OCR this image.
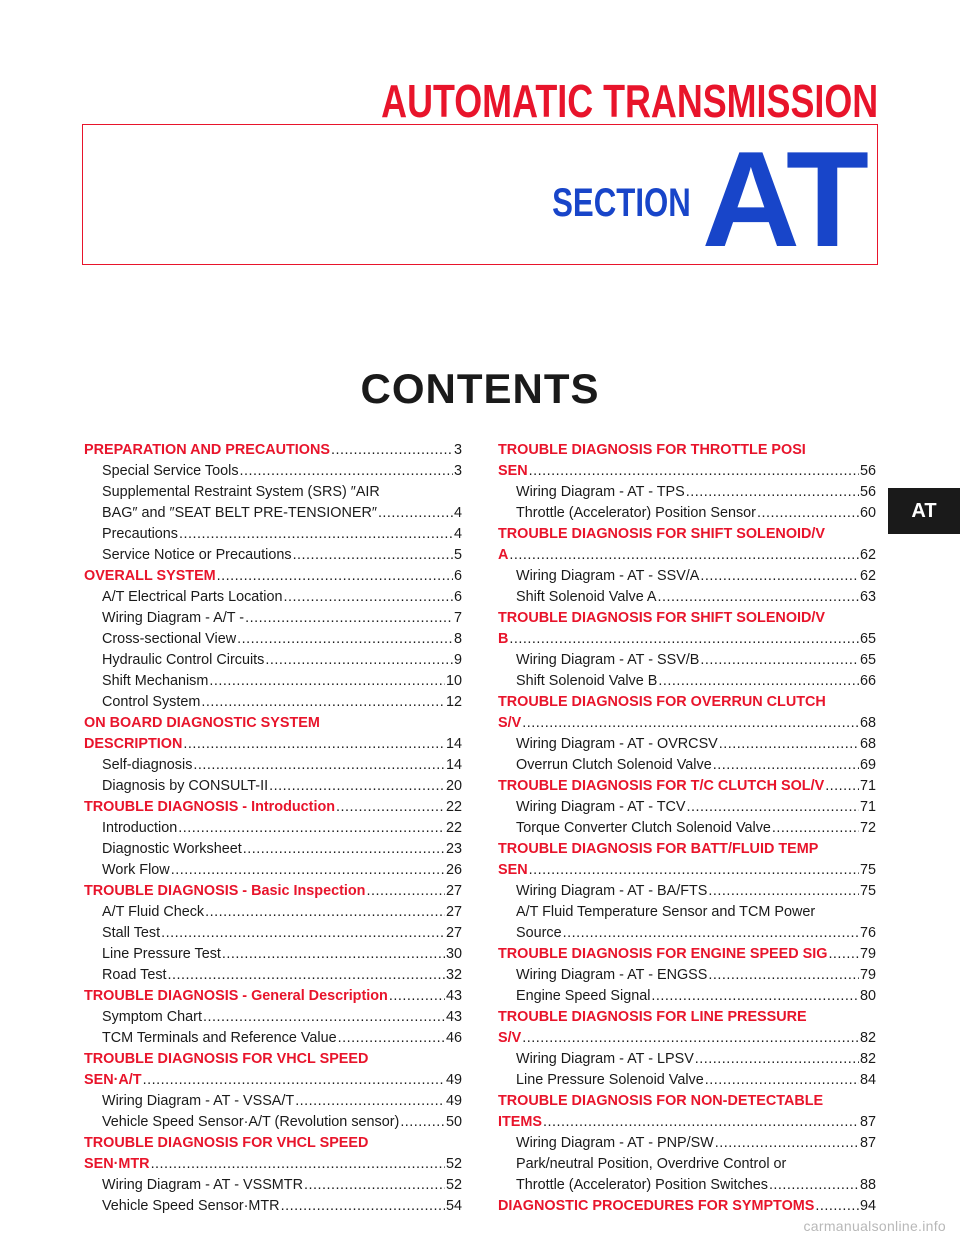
AUTOMATIC TRANSMISSION
SECTION AT
AT
CONTENTS
PREPARATION AND PRECAUTIONS .....	3
Special Service Tools .....	3
Supplemental Restraint System (SRS) ″AIR
BAG″ and ″SEAT BELT PRE-TENSIONER″ .....	4
Precautions .....	4
Service Notice or Precautions .....	5
OVERALL SYSTEM .....	6
A/T Electrical Parts Location .....	6
Wiring Diagram - A/T - .....	7
Cross-sectional View .....	8
Hydraulic Control Circuits .....	9
Shift Mechanism .....	10
Control System .....	12
ON BOARD DIAGNOSTIC SYSTEM
DESCRIPTION .....	14
Self-diagnosis .....	14
Diagnosis by CONSULT-II .....	20
TROUBLE DIAGNOSIS - Introduction .....	22
Introduction .....	22
Diagnostic Worksheet .....	23
Work Flow .....	26
TROUBLE DIAGNOSIS - Basic Inspection .....	27
A/T Fluid Check .....	27
Stall Test .....	27
Line Pressure Test .....	30
Road Test .....	32
TROUBLE DIAGNOSIS - General Description .....	43
Symptom Chart .....	43
TCM Terminals and Reference Value .....	46
TROUBLE DIAGNOSIS FOR VHCL SPEED
SEN·A/T .....	49
Wiring Diagram - AT - VSSA/T .....	49
Vehicle Speed Sensor·A/T (Revolution sensor) .....	50
TROUBLE DIAGNOSIS FOR VHCL SPEED
SEN·MTR .....	52
Wiring Diagram - AT - VSSMTR .....	52
Vehicle Speed Sensor·MTR .....	54
TROUBLE DIAGNOSIS FOR THROTTLE POSI
SEN .....	56
Wiring Diagram - AT - TPS .....	56
Throttle (Accelerator) Position Sensor .....	60
TROUBLE DIAGNOSIS FOR SHIFT SOLENOID/V
A .....	62
Wiring Diagram - AT - SSV/A .....	62
Shift Solenoid Valve A .....	63
TROUBLE DIAGNOSIS FOR SHIFT SOLENOID/V
B .....	65
Wiring Diagram - AT - SSV/B .....	65
Shift Solenoid Valve B .....	66
TROUBLE DIAGNOSIS FOR OVERRUN CLUTCH
S/V .....	68
Wiring Diagram - AT - OVRCSV .....	68
Overrun Clutch Solenoid Valve .....	69
TROUBLE DIAGNOSIS FOR T/C CLUTCH SOL/V ..... 71
Wiring Diagram - AT - TCV .....	71
Torque Converter Clutch Solenoid Valve .....	72
TROUBLE DIAGNOSIS FOR BATT/FLUID TEMP
SEN .....	75
Wiring Diagram - AT - BA/FTS .....	75
A/T Fluid Temperature Sensor and TCM Power
Source .....	76
TROUBLE DIAGNOSIS FOR ENGINE SPEED SIG ..... 79
Wiring Diagram - AT - ENGSS .....	79
Engine Speed Signal .....	80
TROUBLE DIAGNOSIS FOR LINE PRESSURE
S/V .....	82
Wiring Diagram - AT - LPSV .....	82
Line Pressure Solenoid Valve .....	84
TROUBLE DIAGNOSIS FOR NON-DETECTABLE
ITEMS .....	87
Wiring Diagram - AT - PNP/SW .....	87
Park/neutral Position, Overdrive Control or
Throttle (Accelerator) Position Switches .....	88
DIAGNOSTIC PROCEDURES FOR SYMPTOMS .....	94
carmanualsonline.info
